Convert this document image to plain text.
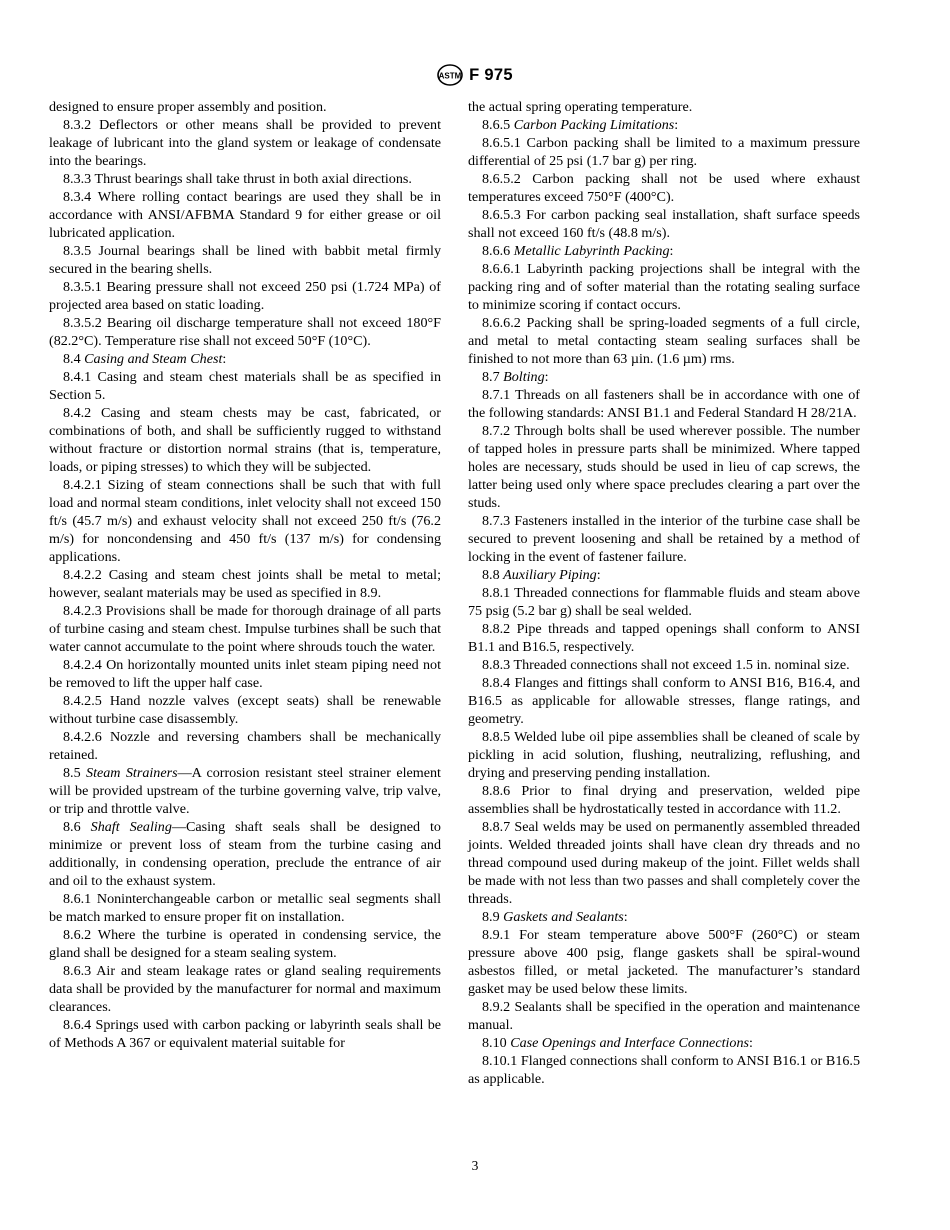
ASTM F 975

designed to ensure proper assembly and position.

8.3.2 Deflectors or other means shall be provided to prevent leakage of lubricant into the gland system or leakage of condensate into the bearings.

8.3.3 Thrust bearings shall take thrust in both axial directions.

8.3.4 Where rolling contact bearings are used they shall be in accordance with ANSI/AFBMA Standard 9 for either grease or oil lubricated application.

8.3.5 Journal bearings shall be lined with babbit metal firmly secured in the bearing shells.

8.3.5.1 Bearing pressure shall not exceed 250 psi (1.724 MPa) of projected area based on static loading.

8.3.5.2 Bearing oil discharge temperature shall not exceed 180°F (82.2°C). Temperature rise shall not exceed 50°F (10°C).

8.4 Casing and Steam Chest:

8.4.1 Casing and steam chest materials shall be as specified in Section 5.

8.4.2 Casing and steam chests may be cast, fabricated, or combinations of both, and shall be sufficiently rugged to withstand without fracture or distortion normal strains (that is, temperature, loads, or piping stresses) to which they will be subjected.

8.4.2.1 Sizing of steam connections shall be such that with full load and normal steam conditions, inlet velocity shall not exceed 150 ft/s (45.7 m/s) and exhaust velocity shall not exceed 250 ft/s (76.2 m/s) for noncondensing and 450 ft/s (137 m/s) for condensing applications.

8.4.2.2 Casing and steam chest joints shall be metal to metal; however, sealant materials may be used as specified in 8.9.

8.4.2.3 Provisions shall be made for thorough drainage of all parts of turbine casing and steam chest. Impulse turbines shall be such that water cannot accumulate to the point where shrouds touch the water.

8.4.2.4 On horizontally mounted units inlet steam piping need not be removed to lift the upper half case.

8.4.2.5 Hand nozzle valves (except seats) shall be renewable without turbine case disassembly.

8.4.2.6 Nozzle and reversing chambers shall be mechanically retained.

8.5 Steam Strainers—A corrosion resistant steel strainer element will be provided upstream of the turbine governing valve, trip valve, or trip and throttle valve.

8.6 Shaft Sealing—Casing shaft seals shall be designed to minimize or prevent loss of steam from the turbine casing and additionally, in condensing operation, preclude the entrance of air and oil to the exhaust system.

8.6.1 Noninterchangeable carbon or metallic seal segments shall be match marked to ensure proper fit on installation.

8.6.2 Where the turbine is operated in condensing service, the gland shall be designed for a steam sealing system.

8.6.3 Air and steam leakage rates or gland sealing requirements data shall be provided by the manufacturer for normal and maximum clearances.

8.6.4 Springs used with carbon packing or labyrinth seals shall be of Methods A 367 or equivalent material suitable for

the actual spring operating temperature.

8.6.5 Carbon Packing Limitations:

8.6.5.1 Carbon packing shall be limited to a maximum pressure differential of 25 psi (1.7 bar g) per ring.

8.6.5.2 Carbon packing shall not be used where exhaust temperatures exceed 750°F (400°C).

8.6.5.3 For carbon packing seal installation, shaft surface speeds shall not exceed 160 ft/s (48.8 m/s).

8.6.6 Metallic Labyrinth Packing:

8.6.6.1 Labyrinth packing projections shall be integral with the packing ring and of softer material than the rotating sealing surface to minimize scoring if contact occurs.

8.6.6.2 Packing shall be spring-loaded segments of a full circle, and metal to metal contacting steam sealing surfaces shall be finished to not more than 63 µin. (1.6 µm) rms.

8.7 Bolting:

8.7.1 Threads on all fasteners shall be in accordance with one of the following standards: ANSI B1.1 and Federal Standard H 28/21A.

8.7.2 Through bolts shall be used wherever possible. The number of tapped holes in pressure parts shall be minimized. Where tapped holes are necessary, studs should be used in lieu of cap screws, the latter being used only where space precludes clearing a part over the studs.

8.7.3 Fasteners installed in the interior of the turbine case shall be secured to prevent loosening and shall be retained by a method of locking in the event of fastener failure.

8.8 Auxiliary Piping:

8.8.1 Threaded connections for flammable fluids and steam above 75 psig (5.2 bar g) shall be seal welded.

8.8.2 Pipe threads and tapped openings shall conform to ANSI B1.1 and B16.5, respectively.

8.8.3 Threaded connections shall not exceed 1.5 in. nominal size.

8.8.4 Flanges and fittings shall conform to ANSI B16, B16.4, and B16.5 as applicable for allowable stresses, flange ratings, and geometry.

8.8.5 Welded lube oil pipe assemblies shall be cleaned of scale by pickling in acid solution, flushing, neutralizing, reflushing, and drying and preserving pending installation.

8.8.6 Prior to final drying and preservation, welded pipe assemblies shall be hydrostatically tested in accordance with 11.2.

8.8.7 Seal welds may be used on permanently assembled threaded joints. Welded threaded joints shall have clean dry threads and no thread compound used during makeup of the joint. Fillet welds shall be made with not less than two passes and shall completely cover the threads.

8.9 Gaskets and Sealants:

8.9.1 For steam temperature above 500°F (260°C) or steam pressure above 400 psig, flange gaskets shall be spiral-wound asbestos filled, or metal jacketed. The manufacturer’s standard gasket may be used below these limits.

8.9.2 Sealants shall be specified in the operation and maintenance manual.

8.10 Case Openings and Interface Connections:

8.10.1 Flanged connections shall conform to ANSI B16.1 or B16.5 as applicable.

3
